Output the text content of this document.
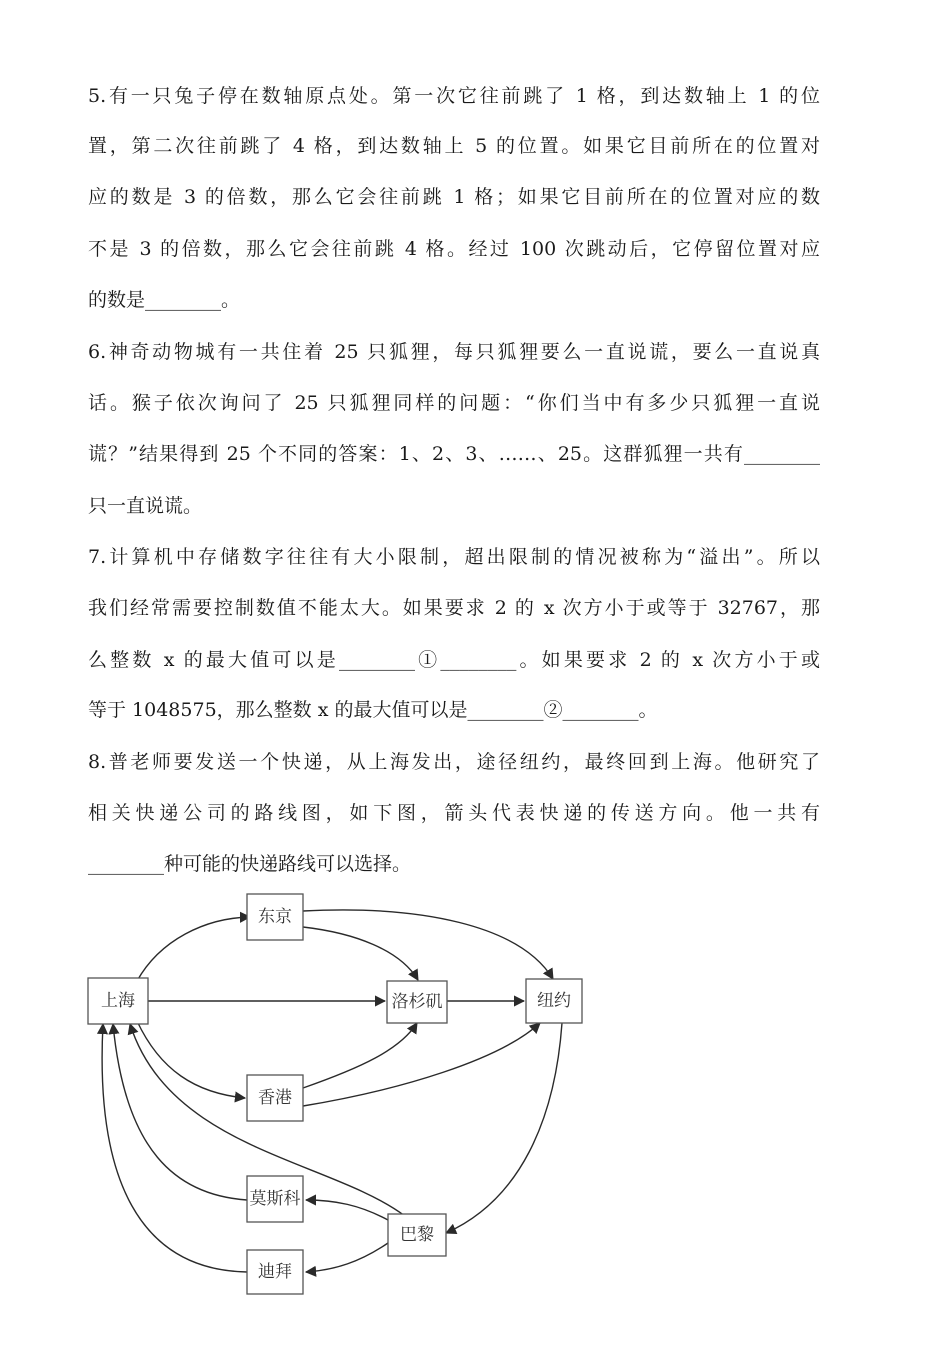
5.有一只兔子停在数轴原点处。第一次它往前跳了 1 格，到达数轴上 1 的位
置，第二次往前跳了 4 格，到达数轴上 5 的位置。如果它目前所在的位置对
应的数是 3 的倍数，那么它会往前跳 1 格；如果它目前所在的位置对应的数
不是 3 的倍数，那么它会往前跳 4 格。经过 100 次跳动后，它停留位置对应
的数是________。
6.神奇动物城有一共住着 25 只狐狸，每只狐狸要么一直说谎，要么一直说真
话。猴子依次询问了 25 只狐狸同样的问题：“你们当中有多少只狐狸一直说
谎？”结果得到 25 个不同的答案：1、2、3、……、25。这群狐狸一共有________
只一直说谎。
7.计算机中存储数字往往有大小限制，超出限制的情况被称为“溢出”。所以
我们经常需要控制数值不能太大。如果要求 2 的 x 次方小于或等于 32767，那
么整数 x 的最大值可以是________①________。如果要求 2 的 x 次方小于或
等于 1048575，那么整数 x 的最大值可以是________②________。
8.普老师要发送一个快递，从上海发出，途径纽约，最终回到上海。他研究了
相关快递公司的路线图，如下图，箭头代表快递的传送方向。他一共有
________种可能的快递路线可以选择。
上海
东京
洛杉矶	纽约
香港
莫斯科
巴黎
迪拜
